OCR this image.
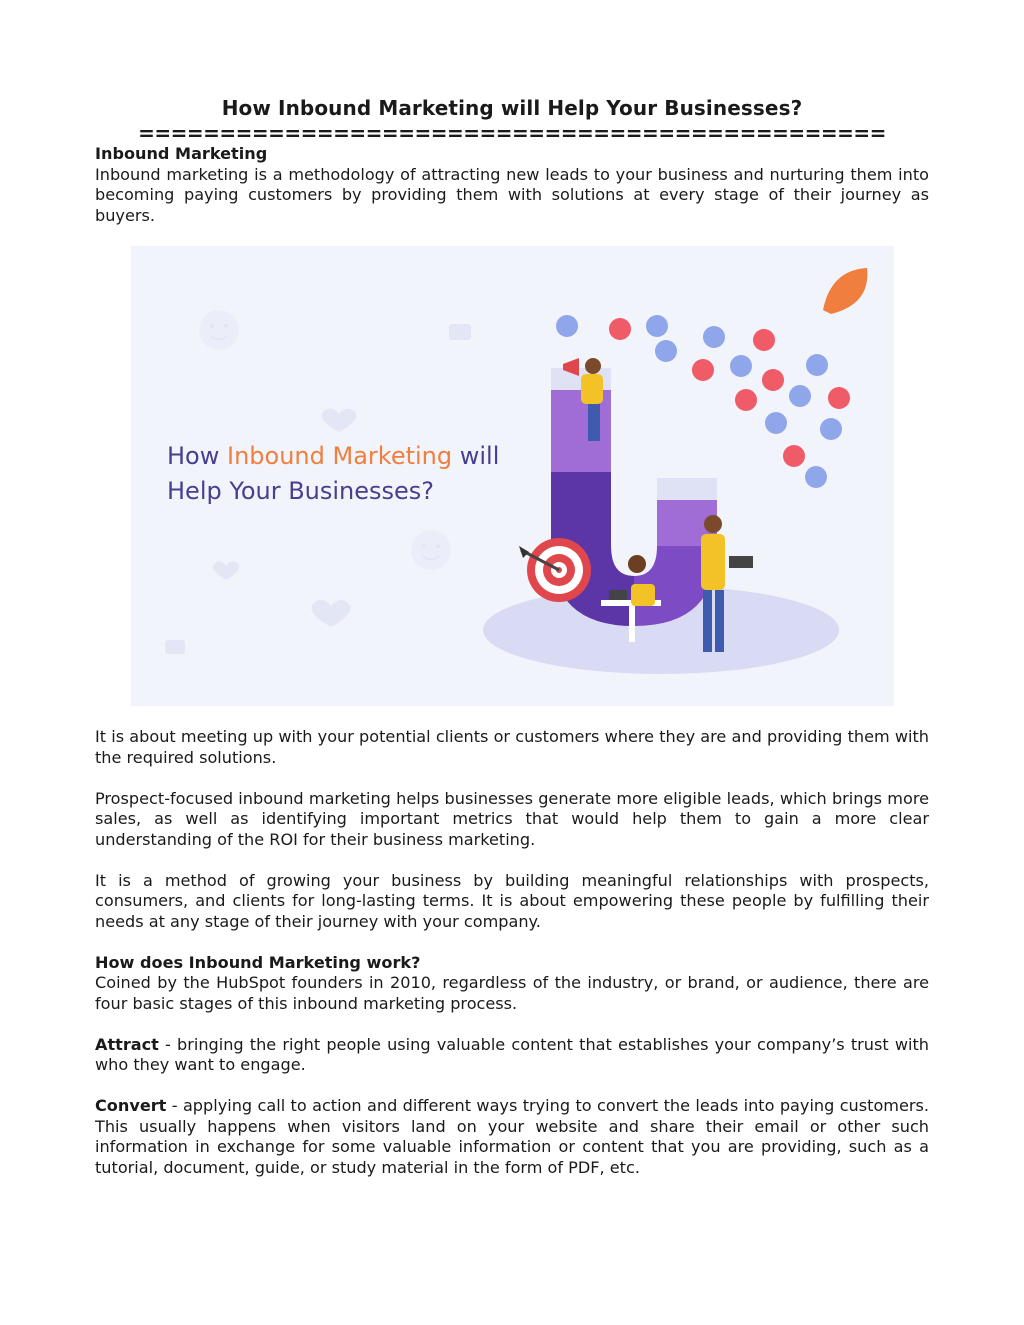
How Inbound Marketing will Help Your Businesses?
==============================================

Inbound Marketing

Inbound marketing is a methodology of attracting new leads to your business and nurturing them into becoming paying customers by providing them with solutions at every stage of their journey as buyers.

How Inbound Marketing will
Help Your Businesses?

It is about meeting up with your potential clients or customers where they are and providing them with the required solutions.

Prospect-focused inbound marketing helps businesses generate more eligible leads, which brings more sales, as well as identifying important metrics that would help them to gain a more clear understanding of the ROI for their business marketing.

It is a method of growing your business by building meaningful relationships with prospects, consumers, and clients for long-lasting terms. It is about empowering these people by fulfilling their needs at any stage of their journey with your company.

How does Inbound Marketing work?

Coined by the HubSpot founders in 2010, regardless of the industry, or brand, or audience, there are four basic stages of this inbound marketing process.

Attract - bringing the right people using valuable content that establishes your company’s trust with who they want to engage.

Convert - applying call to action and different ways trying to convert the leads into paying customers. This usually happens when visitors land on your website and share their email or other such information in exchange for some valuable information or content that you are providing, such as a tutorial, document, guide, or study material in the form of PDF, etc.
